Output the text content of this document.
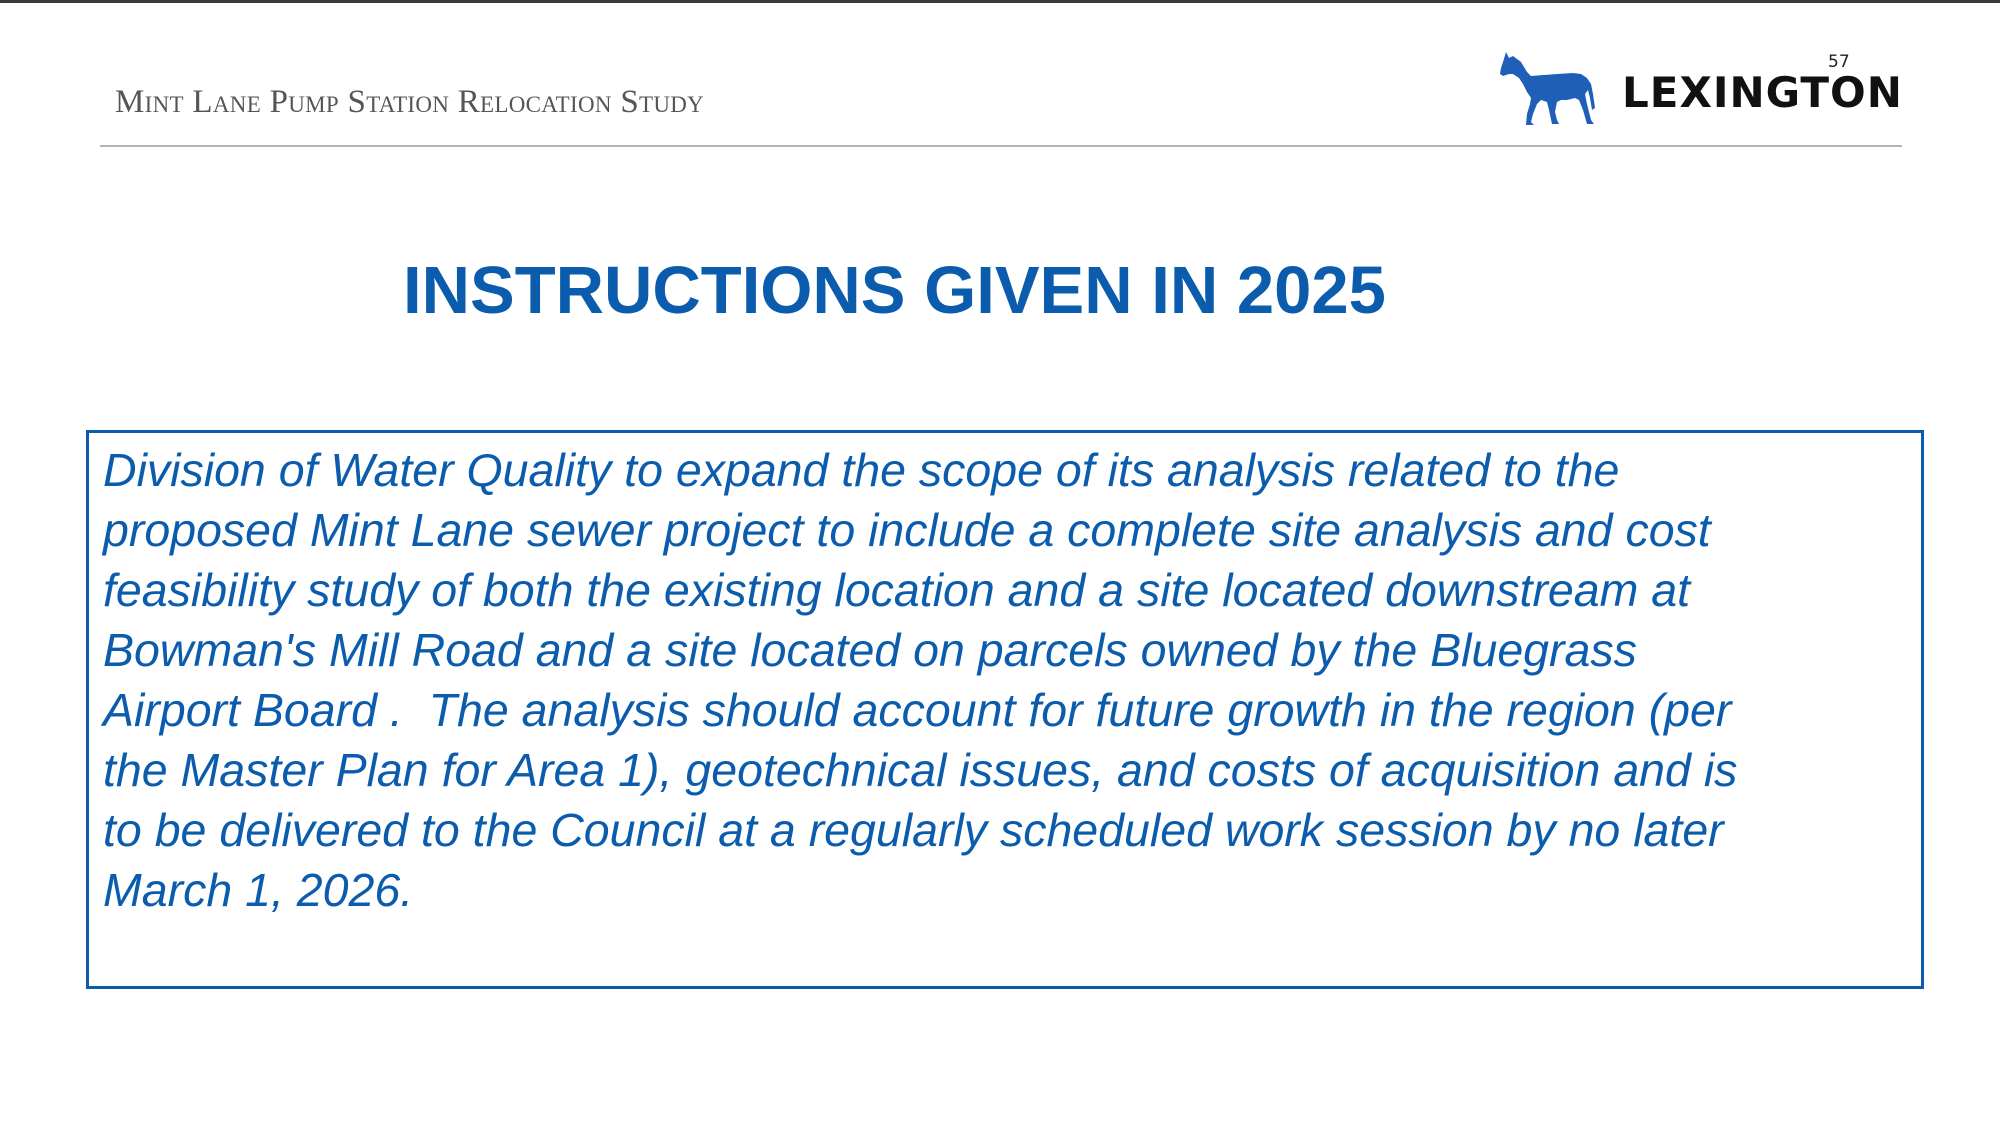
Mint Lane Pump Station Relocation Study
57
LEXINGTON
INSTRUCTIONS GIVEN IN 2025

Division of Water Quality to expand the scope of its analysis related to the
proposed Mint Lane sewer project to include a complete site analysis and cost
feasibility study of both the existing location and a site located downstream at
Bowman's Mill Road and a site located on parcels owned by the Bluegrass
Airport Board .  The analysis should account for future growth in the region (per
the Master Plan for Area 1), geotechnical issues, and costs of acquisition and is
to be delivered to the Council at a regularly scheduled work session by no later
March 1, 2026.
